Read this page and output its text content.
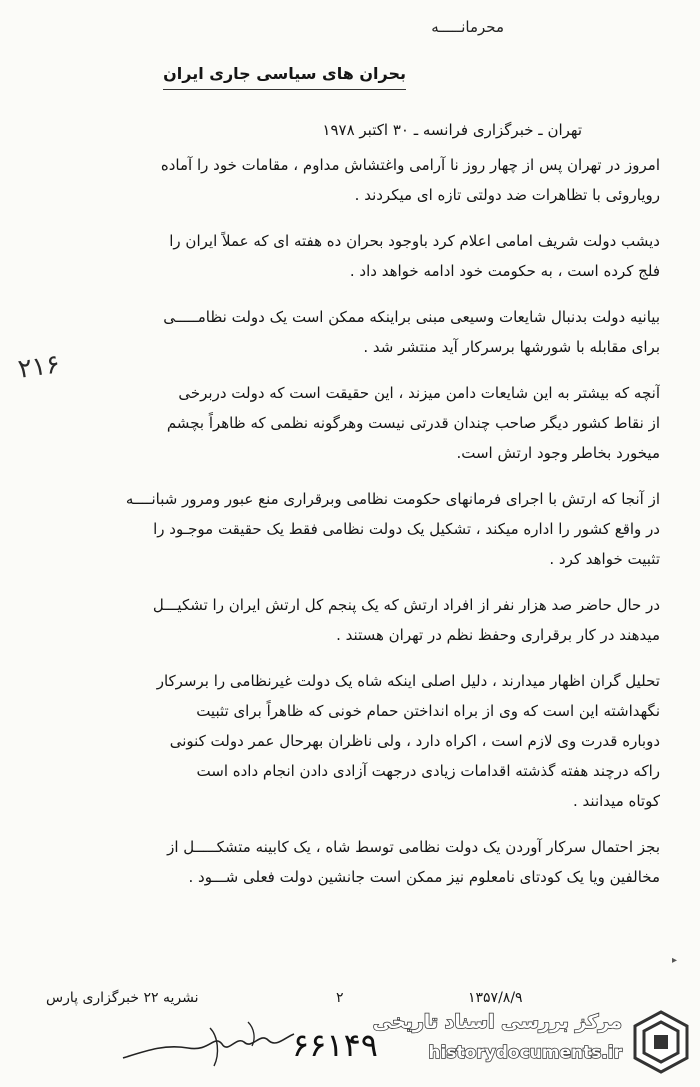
محرمانـــــه
بحران های سیاسی جاری ایران
تهران ـ خبرگزاری فرانسه ـ ۳۰ اکتبر ۱۹۷۸
امروز در تهران پس از چهار روز نا آرامی واغتشاش مداوم ، مقامات خود را آماده
رویاروئی با تظاهرات ضد دولتی تازه ای میکردند .
دیشب دولت شریف امامی اعلام کرد باوجود بحران ده هفته ای که عملاً ایران را
فلج کرده است ، به حکومت خود ادامه خواهد داد .
بیانیه دولت بدنبال شایعات وسیعی مبنی براینکه ممکن است یک دولت نظامـــــی
برای مقابله با شورشها برسرکار آید منتشر شد .
آنچه که بیشتر به این شایعات دامن میزند ، این حقیقت است که دولت دربرخی
از نقاط کشور دیگر صاحب چندان قدرتی نیست وهرگونه نظمی که ظاهراً بچشم
میخورد بخاطر وجود ارتش است.
از آنجا که ارتش با اجرای فرمانهای حکومت نظامی وبرقراری منع عبور ومرور شبانــــه
در واقع کشور را اداره میکند ، تشکیل یک دولت نظامی فقط یک حقیقت موجـود را
تثبیت خواهد کرد .
در حال حاضر صد هزار نفر از افراد ارتش که یک پنجم کل ارتش ایران را تشکیـــل
میدهند در کار برقراری وحفظ نظم در تهران هستند .
تحلیل گران اظهار میدارند ، دلیل اصلی اینکه شاه یک دولت غیرنظامی را برسرکار
نگهداشته این است که وی از براه انداختن حمام خونی که ظاهراً برای تثبیت
دوباره قدرت وی لازم است ، اکراه دارد ، ولی ناظران بهرحال عمر دولت کنونی
راکه درچند هفته گذشته اقدامات زیادی درجهت آزادی دادن انجام داده است
کوتاه میدانند .
بجز احتمال سرکار آوردن یک دولت نظامی توسط شاه ، یک کابینه متشکـــــل از
مخالفین ویا یک کودتای نامعلوم نیز ممکن است جانشین دولت فعلی شـــود .
۲۱۶
نشریه ۲۲ خبرگزاری پارس	۲	۱۳۵۷/۸/۹
۶۶۱۴۹
▸
مرکز بررسی اسناد تاریخی
historydocuments.ir
